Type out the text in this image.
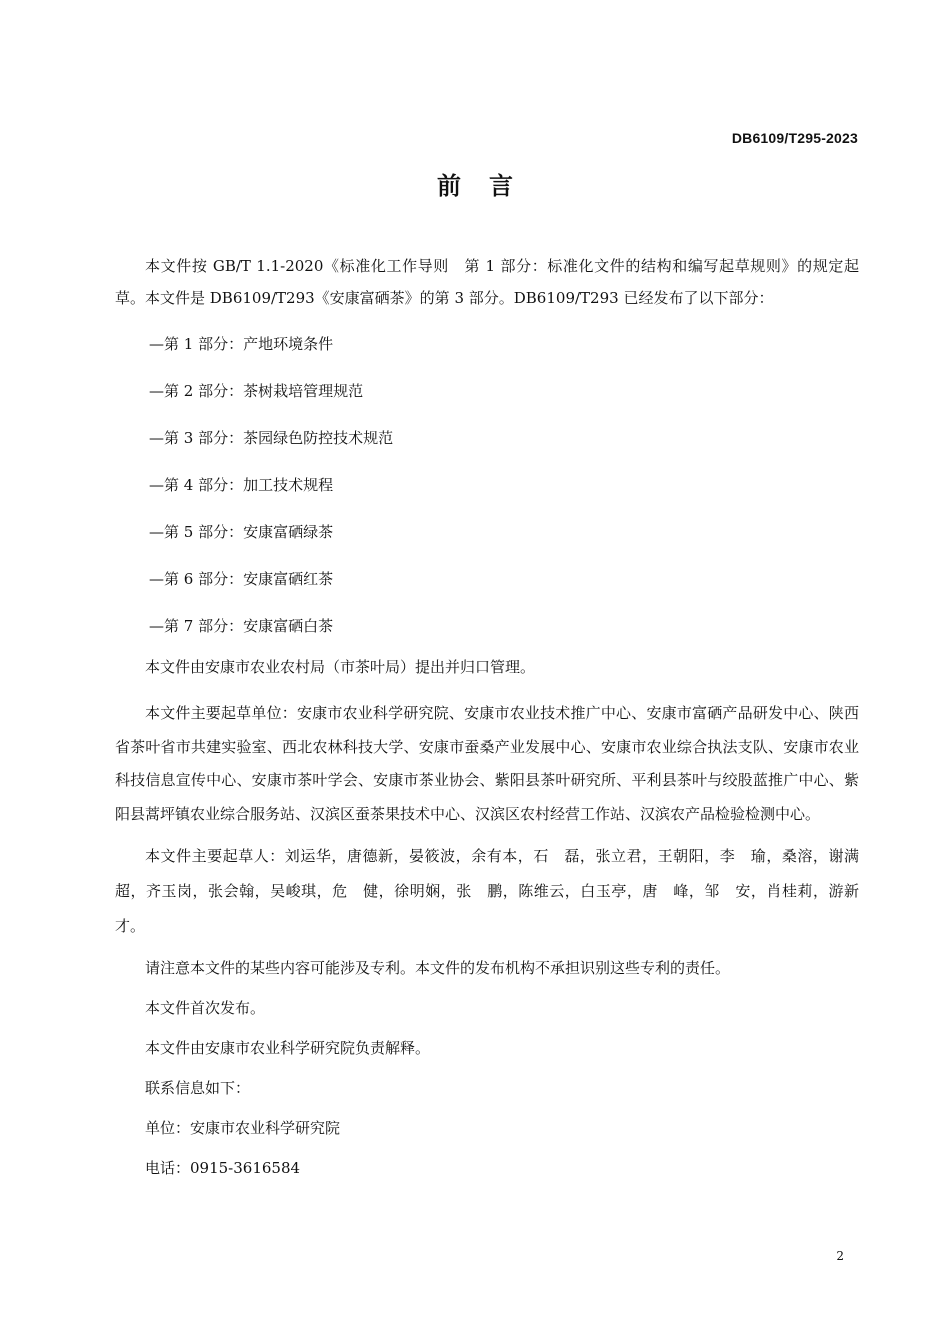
DB6109/T295-2023
前言

本文件按 GB/T 1.1-2020《标准化工作导则　第 1 部分：标准化文件的结构和编写起草规则》的规定起草。本文件是 DB6109/T293《安康富硒茶》的第 3 部分。DB6109/T293 已经发布了以下部分：

—第 1 部分：产地环境条件
—第 2 部分：茶树栽培管理规范
—第 3 部分：茶园绿色防控技术规范
—第 4 部分：加工技术规程
—第 5 部分：安康富硒绿茶
—第 6 部分：安康富硒红茶
—第 7 部分：安康富硒白茶

本文件由安康市农业农村局（市茶叶局）提出并归口管理。

本文件主要起草单位：安康市农业科学研究院、安康市农业技术推广中心、安康市富硒产品研发中心、陕西省茶叶省市共建实验室、西北农林科技大学、安康市蚕桑产业发展中心、安康市农业综合执法支队、安康市农业科技信息宣传中心、安康市茶叶学会、安康市茶业协会、紫阳县茶叶研究所、平利县茶叶与绞股蓝推广中心、紫阳县蒿坪镇农业综合服务站、汉滨区蚕茶果技术中心、汉滨区农村经营工作站、汉滨农产品检验检测中心。

本文件主要起草人：刘运华，唐德新，晏筱波，余有本，石　磊，张立君，王朝阳，李　瑜，桑溶，谢满超，齐玉岗，张会翰，吴峻琪，危　健，徐明娴，张　鹏，陈维云，白玉亭，唐　峰，邹　安，肖桂莉，游新才。

请注意本文件的某些内容可能涉及专利。本文件的发布机构不承担识别这些专利的责任。

本文件首次发布。

本文件由安康市农业科学研究院负责解释。

联系信息如下：

单位：安康市农业科学研究院

电话：0915-3616584

2
